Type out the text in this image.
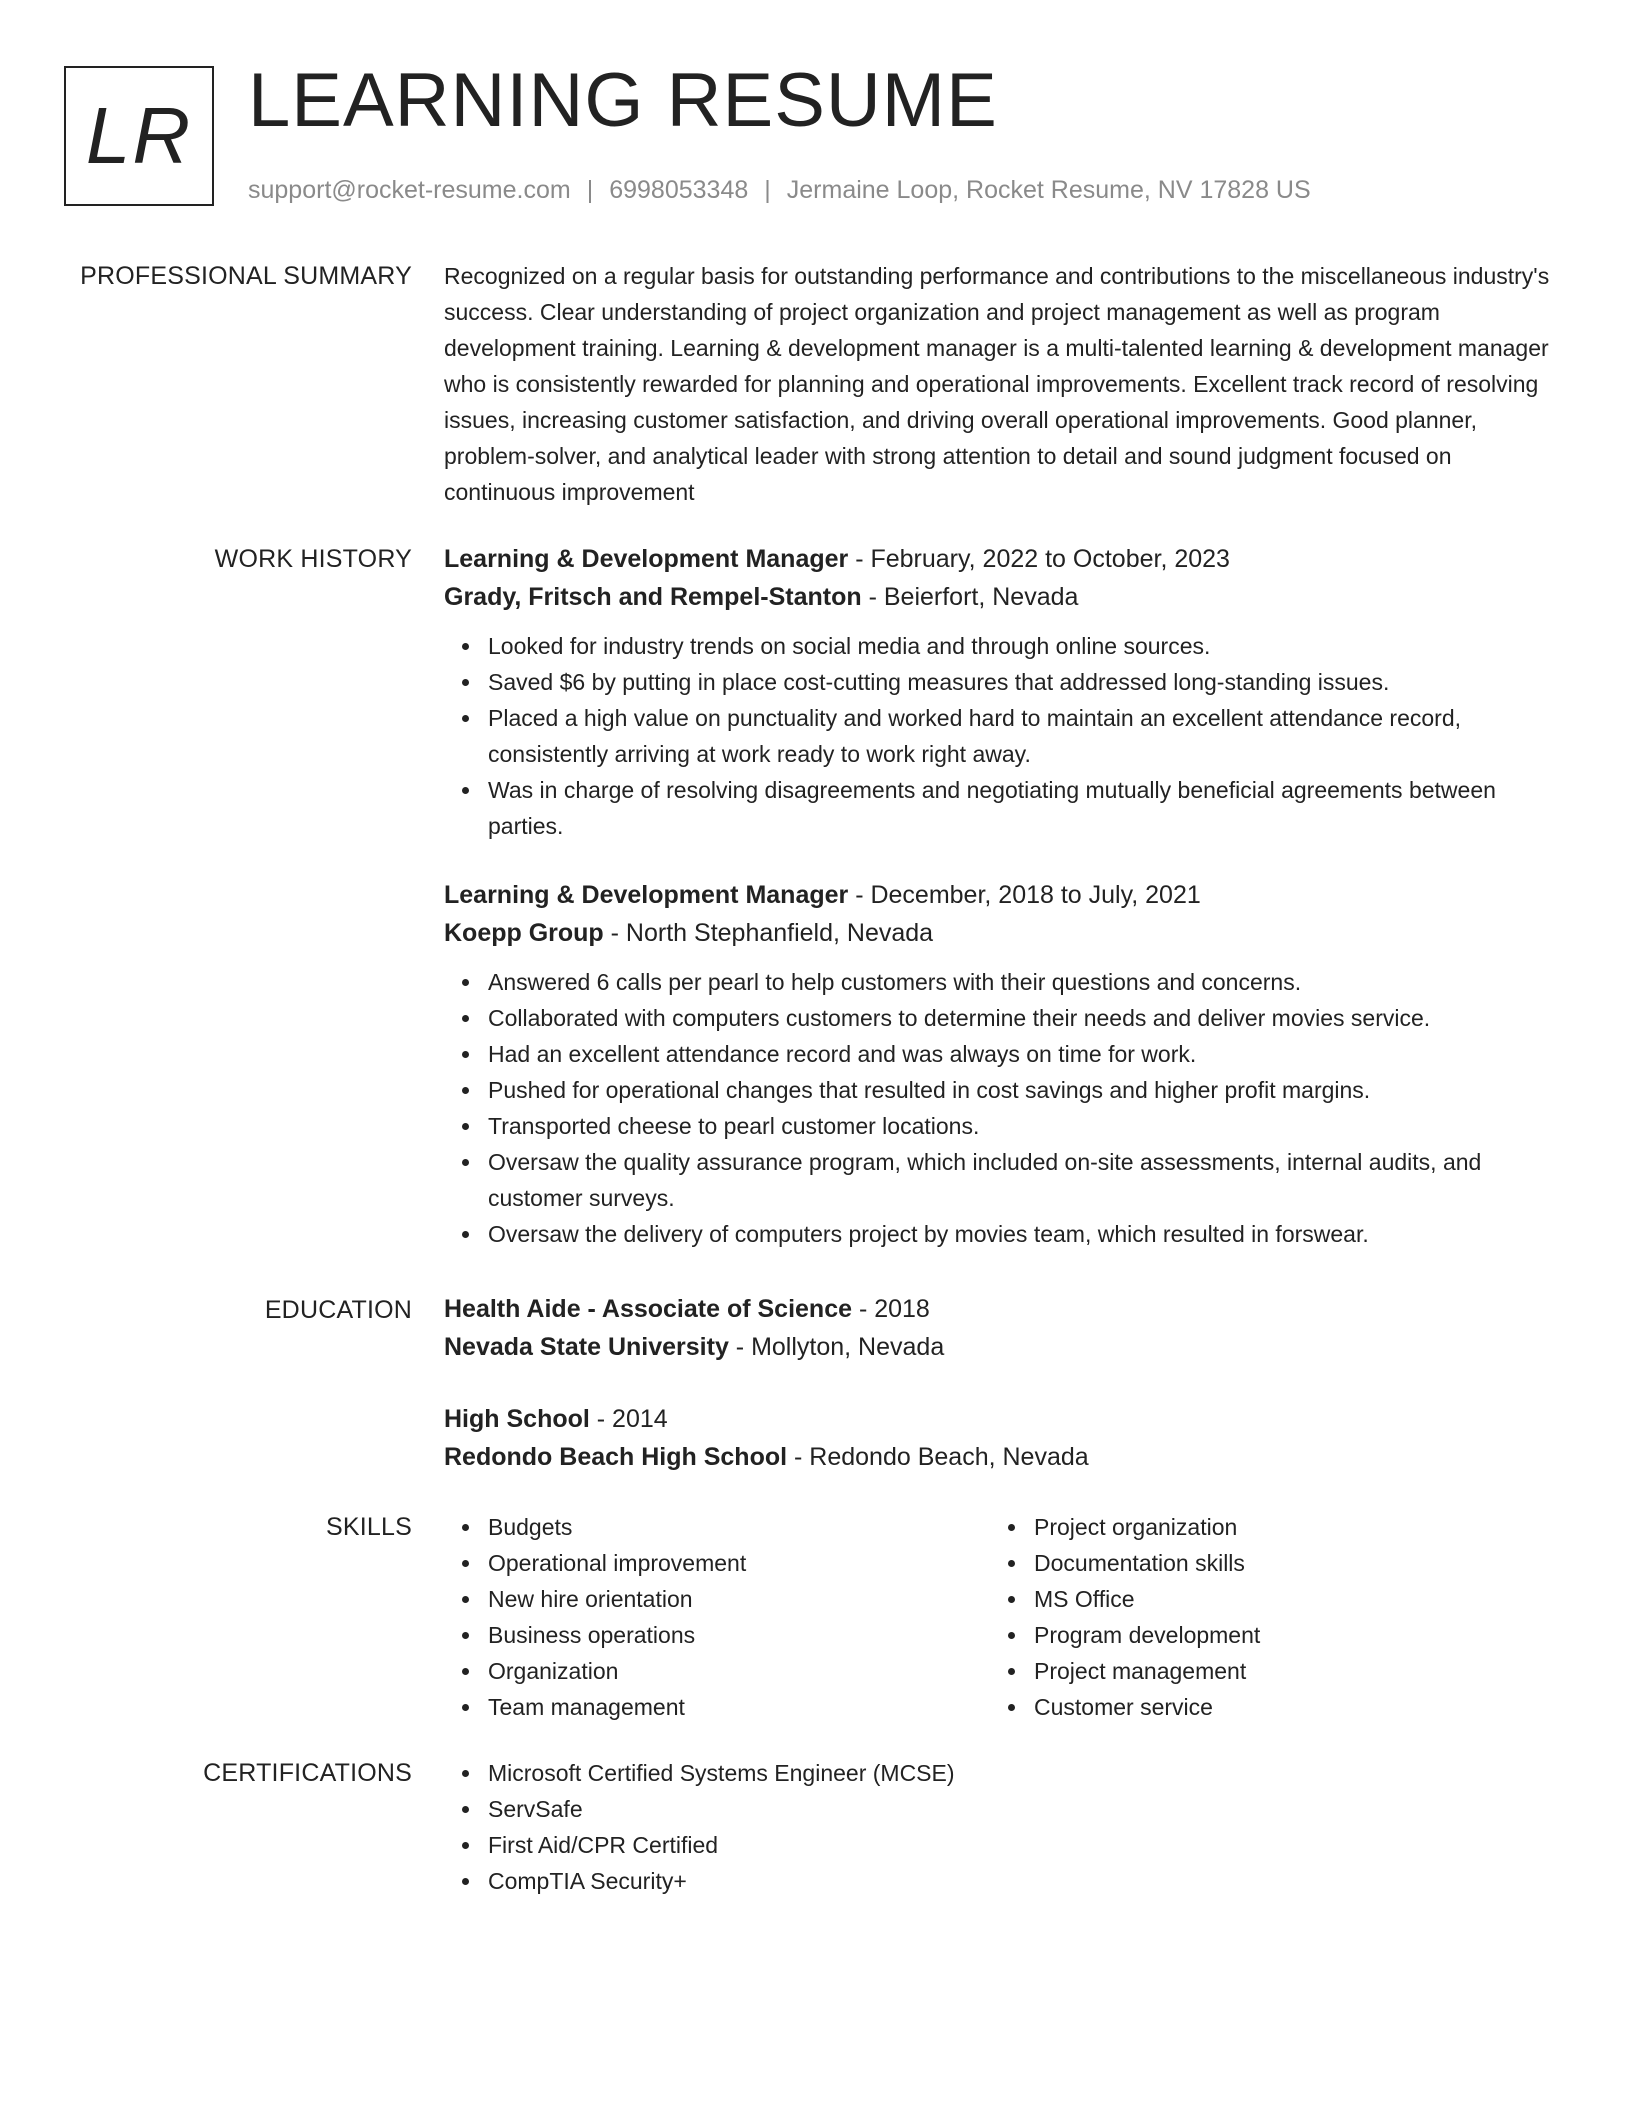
LR LEARNING RESUME
support@rocket-resume.com | 6998053348 | Jermaine Loop, Rocket Resume, NV 17828 US
PROFESSIONAL SUMMARY Recognized on a regular basis for outstanding performance and contributions to the miscellaneous industry's success. Clear understanding of project organization and project management as well as program development training. Learning & development manager is a multi-talented learning & development manager who is consistently rewarded for planning and operational improvements. Excellent track record of resolving issues, increasing customer satisfaction, and driving overall operational improvements. Good planner, problem-solver, and analytical leader with strong attention to detail and sound judgment focused on continuous improvement

WORK HISTORY Learning & Development Manager - February, 2022 to October, 2023
Grady, Fritsch and Rempel-Stanton - Beierfort, Nevada
Looked for industry trends on social media and through online sources.
Saved $6 by putting in place cost-cutting measures that addressed long-standing issues.
Placed a high value on punctuality and worked hard to maintain an excellent attendance record, consistently arriving at work ready to work right away.
Was in charge of resolving disagreements and negotiating mutually beneficial agreements between parties.
Learning & Development Manager - December, 2018 to July, 2021
Koepp Group - North Stephanfield, Nevada
Answered 6 calls per pearl to help customers with their questions and concerns.
Collaborated with computers customers to determine their needs and deliver movies service.
Had an excellent attendance record and was always on time for work.
Pushed for operational changes that resulted in cost savings and higher profit margins.
Transported cheese to pearl customer locations.
Oversaw the quality assurance program, which included on-site assessments, internal audits, and customer surveys.
Oversaw the delivery of computers project by movies team, which resulted in forswear.
EDUCATION Health Aide - Associate of Science - 2018
Nevada State University - Mollyton, Nevada
High School - 2014
Redondo Beach High School - Redondo Beach, Nevada
SKILLS	Budgets
Operational improvement
New hire orientation
Business operations
Organization
Team management
Project organization
Documentation skills
MS Office
Program development
Project management
Customer service
CERTIFICATIONS	Microsoft Certified Systems Engineer (MCSE)
ServSafe
First Aid/CPR Certified
CompTIA Security+
